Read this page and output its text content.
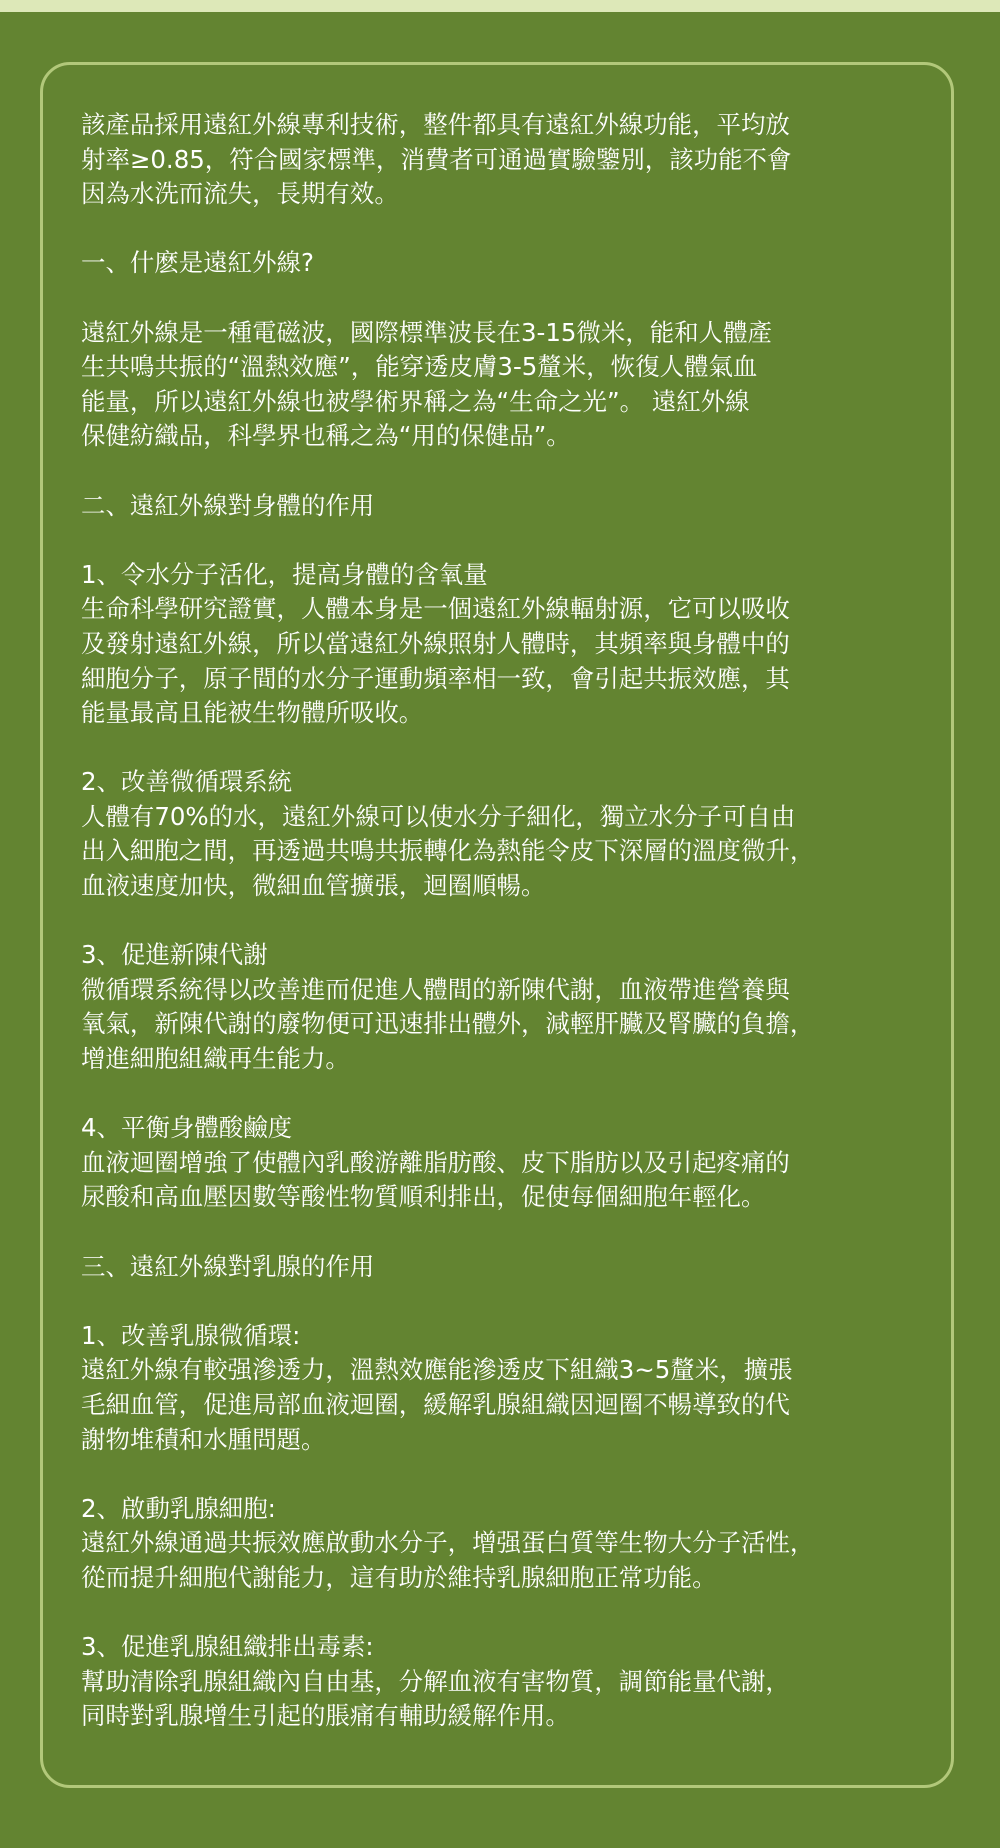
該產品採用遠紅外線專利技術，整件都具有遠紅外線功能，平均放
射率≥0.85，符合國家標準，消費者可通過實驗鑒別，該功能不會
因為水洗而流失，長期有效。

一、什麽是遠紅外線?

遠紅外線是一種電磁波，國際標準波長在3-15微米，能和人體產
生共鳴共振的“溫熱效應”，能穿透皮膚3-5釐米，恢復人體氣血
能量，所以遠紅外線也被學術界稱之為“生命之光”。 遠紅外線
保健紡織品，科學界也稱之為“用的保健品”。

二、遠紅外線對身體的作用

1、令水分子活化，提高身體的含氧量
生命科學研究證實，人體本身是一個遠紅外線輻射源，它可以吸收
及發射遠紅外線，所以當遠紅外線照射人體時，其頻率與身體中的
細胞分子，原子間的水分子運動頻率相一致，會引起共振效應，其
能量最高且能被生物體所吸收。

2、改善微循環系統
人體有70%的水，遠紅外線可以使水分子細化，獨立水分子可自由
出入細胞之間，再透過共鳴共振轉化為熱能令皮下深層的溫度微升，
血液速度加快，微細血管擴張，迴圈順暢。

3、促進新陳代謝
微循環系統得以改善進而促進人體間的新陳代謝，血液帶進營養與
氧氣，新陳代謝的廢物便可迅速排出體外，減輕肝臟及腎臟的負擔，
增進細胞組織再生能力。

4、平衡身體酸鹼度
血液迴圈增強了使體內乳酸游離脂肪酸、皮下脂肪以及引起疼痛的
尿酸和高血壓因數等酸性物質順利排出，促使每個細胞年輕化。

三、遠紅外線對乳腺的作用

1、改善乳腺微循環:
遠紅外線有較强滲透力，溫熱效應能滲透皮下組織3~5釐米，擴張
毛細血管，促進局部血液迴圈，緩解乳腺組織因迴圈不暢導致的代
謝物堆積和水腫問題。

2、啟動乳腺細胞:
遠紅外線通過共振效應啟動水分子，增强蛋白質等生物大分子活性，
從而提升細胞代謝能力，這有助於維持乳腺細胞正常功能。

3、促進乳腺組織排出毒素:
幫助清除乳腺組織內自由基，分解血液有害物質，調節能量代謝，
同時對乳腺增生引起的脹痛有輔助緩解作用。
